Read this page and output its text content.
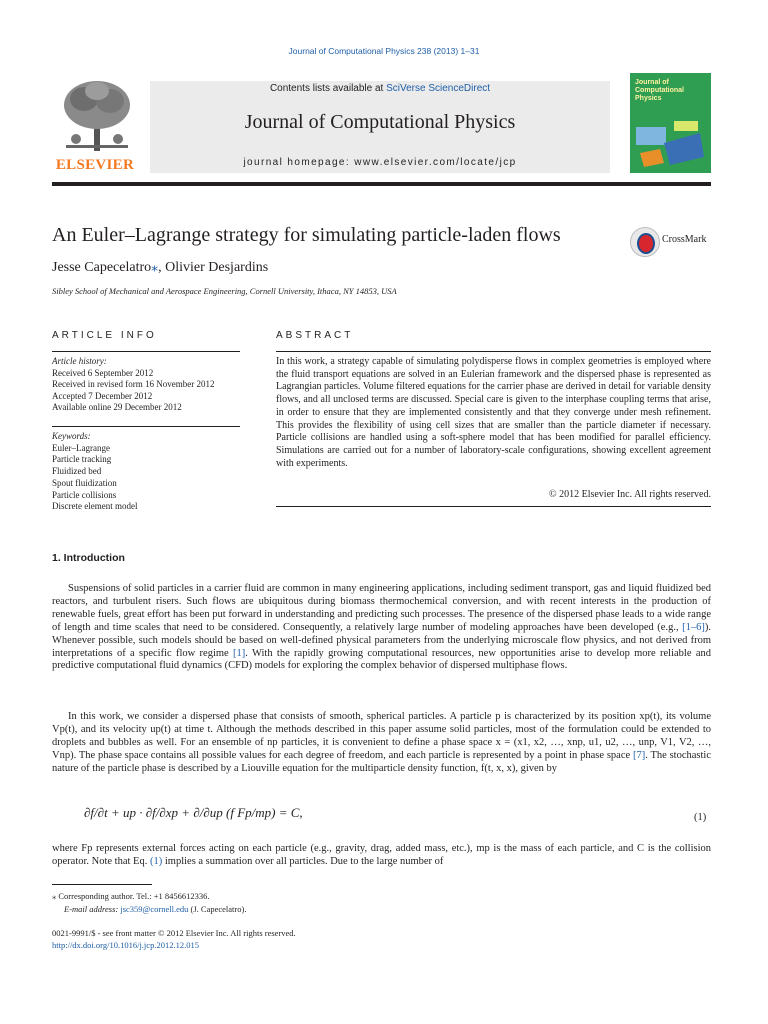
Journal of Computational Physics 238 (2013) 1–31
ELSEVIER
Contents lists available at SciVerse ScienceDirect
Journal of Computational Physics
journal homepage: www.elsevier.com/locate/jcp
Journal of
Computational
Physics
An Euler–Lagrange strategy for simulating particle-laden flows	CrossMark
Jesse Capecelatro⁎, Olivier Desjardins
Sibley School of Mechanical and Aerospace Engineering, Cornell University, Ithaca, NY 14853, USA
ARTICLE INFO	ABSTRACT
Article history:
Received 6 September 2012
Received in revised form 16 November 2012
Accepted 7 December 2012
Available online 29 December 2012
Keywords:
Euler–Lagrange
Particle tracking
Fluidized bed
Spout fluidization
Particle collisions
Discrete element model
In this work, a strategy capable of simulating polydisperse flows in complex geometries is employed where the fluid transport equations are solved in an Eulerian framework and the dispersed phase is represented as Lagrangian particles. Volume filtered equations for the carrier phase are derived in detail for variable density flows, and all unclosed terms are discussed. Special care is given to the interphase coupling terms that arise, in order to ensure that they are implemented consistently and that they converge under mesh refinement. This provides the flexibility of using cell sizes that are smaller than the particle diameter if necessary. Particle collisions are handled using a soft-sphere model that has been modified for parallel efficiency. Simulations are carried out for a number of laboratory-scale configurations, showing excellent agreement with experiments.
© 2012 Elsevier Inc. All rights reserved.
1. Introduction
Suspensions of solid particles in a carrier fluid are common in many engineering applications, including sediment transport, gas and liquid fluidized bed reactors, and turbulent risers. Such flows are ubiquitous during biomass thermochemical conversion, and with recent interests in the production of renewable fuels, great effort has been put forward in understanding and predicting such processes. The presence of the dispersed phase leads to a wide range of length and time scales that need to be considered. Consequently, a relatively large number of modeling approaches have been developed (e.g., [1–6]). Whenever possible, such models should be based on well-defined physical parameters from the underlying microscale flow physics, and not derived from interpretations of a specific flow regime [1]. With the rapidly growing computational resources, new opportunities arise to develop more reliable and predictive computational fluid dynamics (CFD) models for exploring the complex behavior of dispersed multiphase flows.
In this work, we consider a dispersed phase that consists of smooth, spherical particles. A particle p is characterized by its position xp(t), its volume Vp(t), and its velocity up(t) at time t. Although the methods described in this paper assume solid particles, most of the formulation could be extended to droplets and bubbles as well. For an ensemble of np particles, it is convenient to define a phase space x = (x1, x2, …, xnp, u1, u2, …, unp, V1, V2, …, Vnp). The phase space contains all possible values for each degree of freedom, and each particle is represented by a point in phase space [7]. The stochastic nature of the particle phase is described by a Liouville equation for the multiparticle density function, f(t, x, x), given by
∂f/∂t + up · ∂f/∂xp + ∂/∂up (f Fp/mp) = C,	(1)
where Fp represents external forces acting on each particle (e.g., gravity, drag, added mass, etc.), mp is the mass of each particle, and C is the collision operator. Note that Eq. (1) implies a summation over all particles. Due to the large number of
⁎ Corresponding author. Tel.: +1 8456612336.
E-mail address: jsc359@cornell.edu (J. Capecelatro).
0021-9991/$ - see front matter © 2012 Elsevier Inc. All rights reserved.
http://dx.doi.org/10.1016/j.jcp.2012.12.015
